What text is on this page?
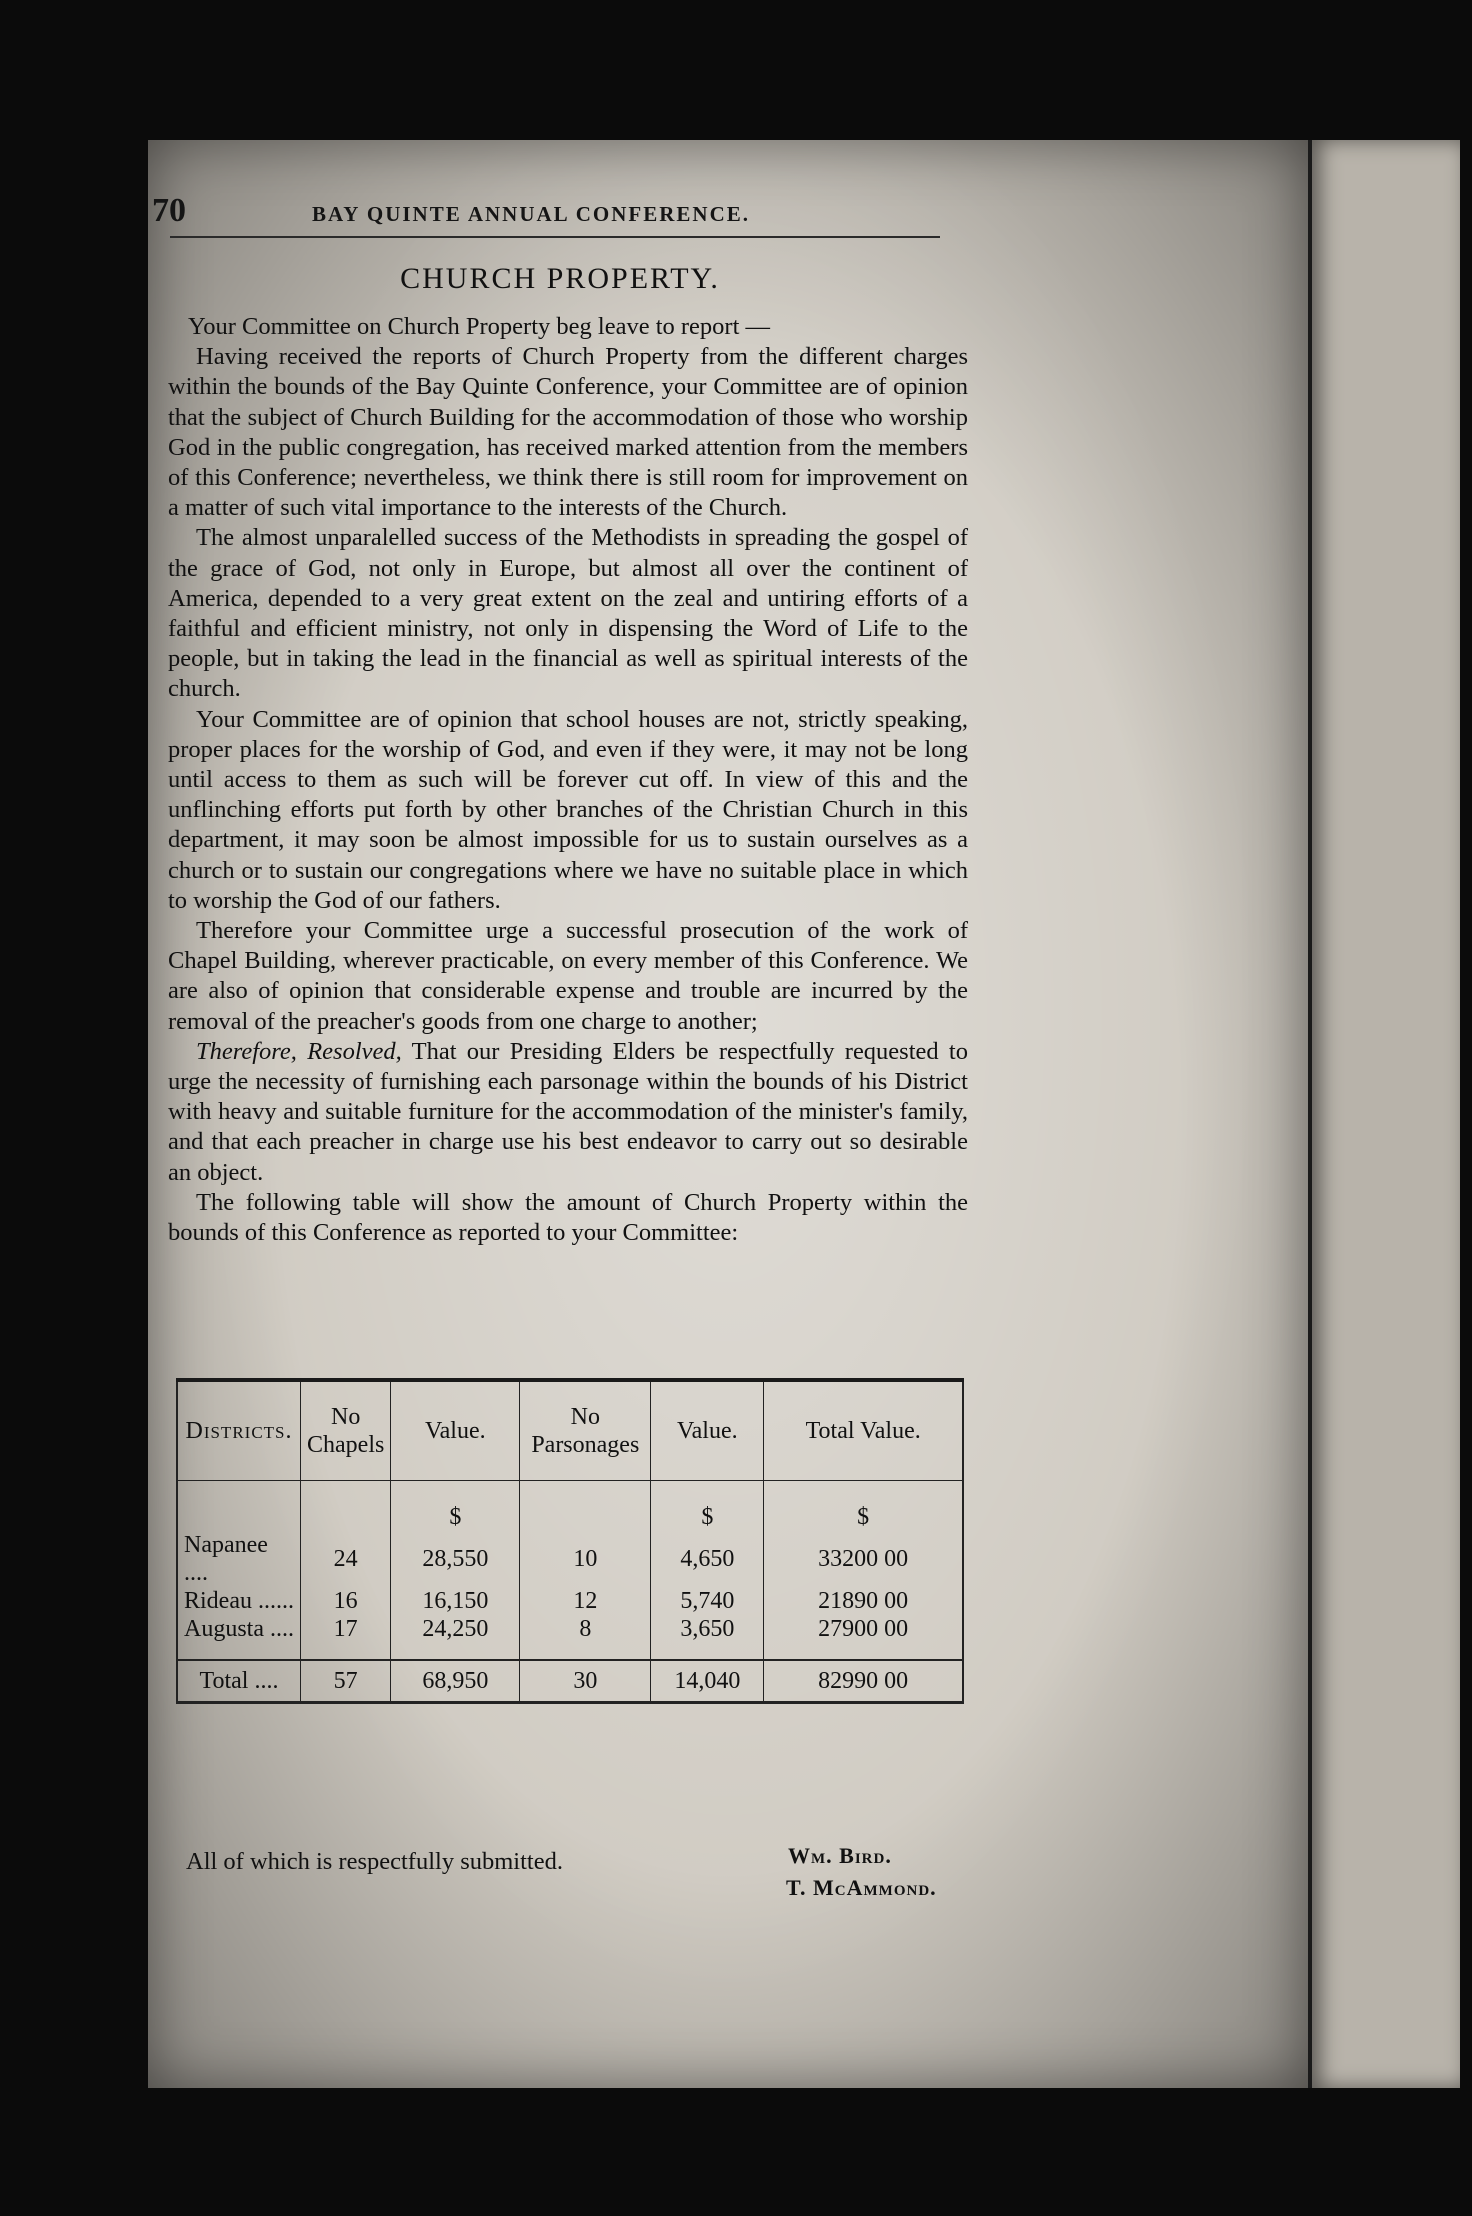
70	BAY QUINTE ANNUAL CONFERENCE.
CHURCH PROPERTY.

Your Committee on Church Property beg leave to report —

Having received the reports of Church Property from the different charges within the bounds of the Bay Quinte Conference, your Committee are of opinion that the subject of Church Building for the accommodation of those who worship God in the public congregation, has received marked attention from the members of this Conference; nevertheless, we think there is still room for improvement on a matter of such vital importance to the interests of the Church.

The almost unparalelled success of the Methodists in spreading the gospel of the grace of God, not only in Europe, but almost all over the continent of America, depended to a very great extent on the zeal and untiring efforts of a faithful and efficient ministry, not only in dispensing the Word of Life to the people, but in taking the lead in the financial as well as spiritual interests of the church.

Your Committee are of opinion that school houses are not, strictly speaking, proper places for the worship of God, and even if they were, it may not be long until access to them as such will be forever cut off. In view of this and the unflinching efforts put forth by other branches of the Christian Church in this department, it may soon be almost impossible for us to sustain ourselves as a church or to sustain our congregations where we have no suitable place in which to worship the God of our fathers.

Therefore your Committee urge a successful prosecution of the work of Chapel Building, wherever practicable, on every member of this Conference. We are also of opinion that considerable expense and trouble are incurred by the removal of the preacher's goods from one charge to another;

Therefore, Resolved, That our Presiding Elders be respectfully requested to urge the necessity of furnishing each parsonage within the bounds of his District with heavy and suitable furniture for the accommodation of the minister's family, and that each preacher in charge use his best endeavor to carry out so desirable an object.

The following table will show the amount of Church Property within the bounds of this Conference as reported to your Committee:

Districts.	No Chapels	Value.	No Parsonages	Value.	Total Value.
		$		$	$
Napanee ....	24	28,550	10	4,650	33200 00
Rideau ......	16	16,150	12	5,740	21890 00
Augusta ....	17	24,250	8	3,650	27900 00
Total ....	57	68,950	30	14,040	82990 00
All of which is respectfully submitted.	Wm. Bird.
T. McAmmond.
